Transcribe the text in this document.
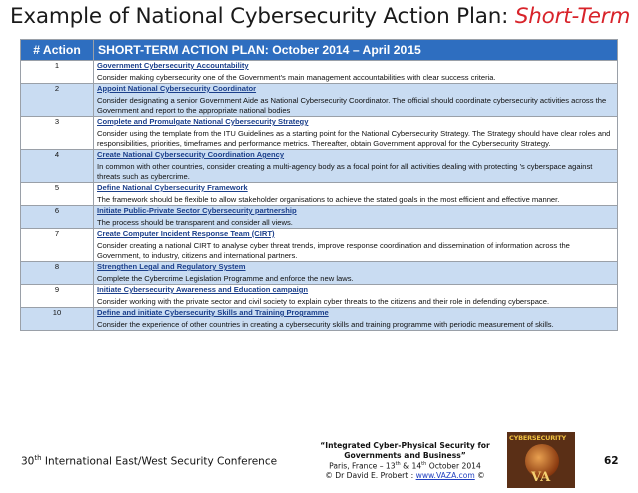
Example of National Cybersecurity Action Plan: Short-Term
# Action	SHORT-TERM ACTION PLAN: October 2014 – April 2015
1	Government Cybersecurity Accountability
Consider making cybersecurity one of the Government's main management accountabilities with clear success criteria.

2	Appoint National Cybersecurity Coordinator
Consider designating a senior Government Aide as National Cybersecurity Coordinator. The official should coordinate cybersecurity activities across the Government and report to the appropriate national bodies

3	Complete and Promulgate National Cybersecurity Strategy
Consider using the template from the ITU Guidelines as a starting point for the National Cybersecurity Strategy. The Strategy should have clear roles and responsibilities, priorities, timeframes and performance metrics. Thereafter, obtain Government approval for the Cybersecurity Strategy.

4	Create National Cybersecurity Coordination Agency
In common with other countries, consider creating a multi-agency body as a focal point for all activities dealing with protecting ’s cyberspace against threats such as cybercrime.

5	Define National Cybersecurity Framework
The framework should be flexible to allow stakeholder organisations to achieve the stated goals in the most efficient and effective manner.

6	Initiate Public-Private Sector Cybersecurity partnership
The process should be transparent and consider all views.

7	Create Computer Incident Response Team (CIRT)
Consider creating a national CIRT to analyse cyber threat trends, improve response coordination and dissemination of information across the Government, to industry, citizens and international partners.

8	Strengthen Legal and Regulatory System
Complete the Cybercrime Legislation Programme and enforce the new laws.

9	Initiate Cybersecurity Awareness and Education campaign
Consider working with the private sector and civil society to explain cyber threats to the citizens and their role in defending cyberspace.

10	Define and initiate Cybersecurity Skills and Training Programme
Consider the experience of other countries in creating a cybersecurity skills and training programme with periodic measurement of skills.
30th International East/West Security Conference
“Integrated Cyber-Physical Security for
Governments and Business”
Paris, France – 13th & 14th October 2014
© Dr David E. Probert : www.VAZA.com ©
CYBERSECURITY
VA
62
